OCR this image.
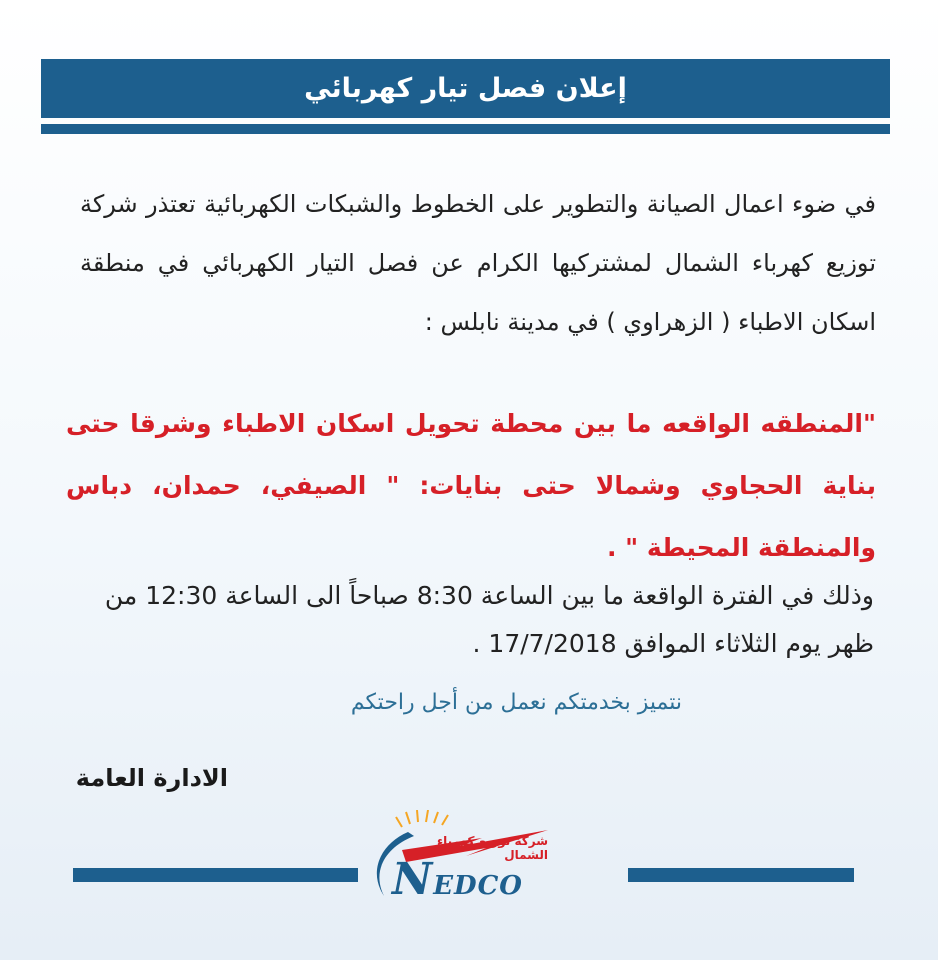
إعلان فصل تيار كهربائي

في ضوء اعمال الصيانة والتطوير على الخطوط والشبكات الكهربائية تعتذر شركة توزيع كهرباء الشمال لمشتركيها الكرام عن فصل التيار الكهربائي في منطقة اسكان الاطباء ( الزهراوي ) في مدينة نابلس :

"المنطقه الواقعه ما بين محطة تحويل اسكان الاطباء وشرقا حتى بناية الحجاوي وشمالا حتى بنايات: " الصيفي، حمدان، دباس والمنطقة المحيطة " .

وذلك في الفترة الواقعة ما بين الساعة 8:30 صباحاً الى الساعة 12:30 من ظهر يوم الثلاثاء الموافق 17/7/2018 .

نتميز بخدمتكم نعمل من أجل راحتكم

الادارة العامة

شركة توزيع كهرباء الشمال
NEDCO
